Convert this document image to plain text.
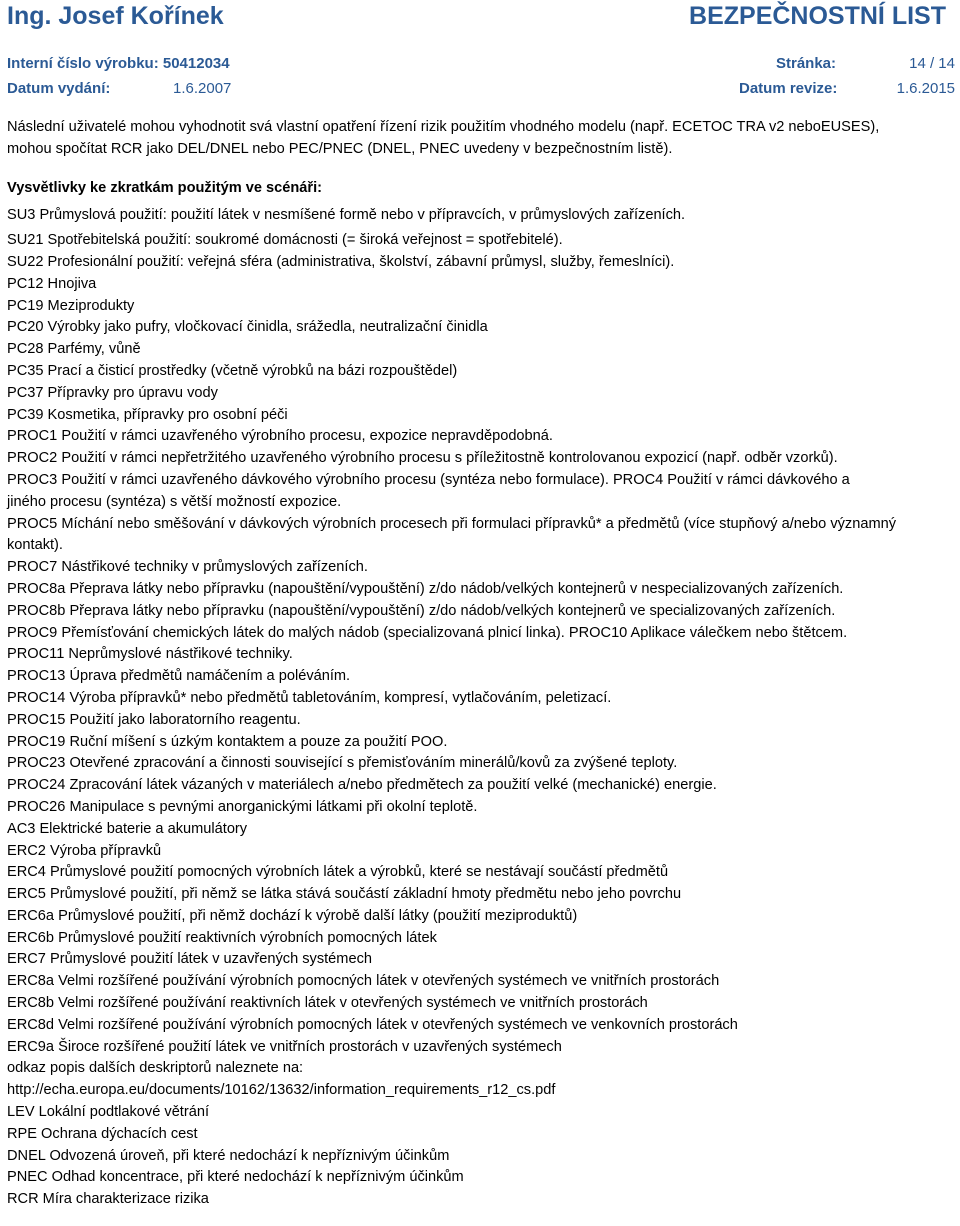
Ing. Josef Kořínek	BEZPEČNOSTNÍ LIST
Interní číslo výrobku: 50412034	Stránka:	14 / 14
Datum vydání:	1.6.2007	Datum revize:	1.6.2015

Následní uživatelé mohou vyhodnotit svá vlastní opatření řízení rizik použitím vhodného modelu (např. ECETOC TRA v2 neboEUSES),

mohou spočítat RCR jako DEL/DNEL nebo PEC/PNEC (DNEL, PNEC uvedeny v bezpečnostním listě).

Vysvětlivky ke zkratkám použitým ve scénáři:

SU3 Průmyslová použití: použití látek v nesmíšené formě nebo v přípravcích, v průmyslových zařízeních.

SU21 Spotřebitelská použití: soukromé domácnosti (= široká veřejnost = spotřebitelé).

SU22 Profesionální použití: veřejná sféra (administrativa, školství, zábavní průmysl, služby, řemeslníci).

PC12 Hnojiva

PC19 Meziprodukty

PC20 Výrobky jako pufry, vločkovací činidla, srážedla, neutralizační činidla

PC28 Parfémy, vůně

PC35 Prací a čisticí prostředky (včetně výrobků na bázi rozpouštědel)

PC37 Přípravky pro úpravu vody

PC39 Kosmetika, přípravky pro osobní péči

PROC1 Použití v rámci uzavřeného výrobního procesu, expozice nepravděpodobná.

PROC2 Použití v rámci nepřetržitého uzavřeného výrobního procesu s příležitostně kontrolovanou expozicí (např. odběr vzorků).

PROC3 Použití v rámci uzavřeného dávkového výrobního procesu (syntéza nebo formulace). PROC4 Použití v rámci dávkového a

jiného procesu (syntéza) s větší možností expozice.

PROC5 Míchání nebo směšování v dávkových výrobních procesech při formulaci přípravků* a předmětů (více stupňový a/nebo významný

kontakt).

PROC7 Nástřikové techniky v průmyslových zařízeních.

PROC8a Přeprava látky nebo přípravku (napouštění/vypouštění) z/do nádob/velkých kontejnerů v nespecializovaných zařízeních.

PROC8b Přeprava látky nebo přípravku (napouštění/vypouštění) z/do nádob/velkých kontejnerů ve specializovaných zařízeních.

PROC9 Přemísťování chemických látek do malých nádob (specializovaná plnicí linka). PROC10 Aplikace válečkem nebo štětcem.

PROC11 Neprůmyslové nástřikové techniky.

PROC13 Úprava předmětů namáčením a poléváním.

PROC14 Výroba přípravků* nebo předmětů tabletováním, kompresí, vytlačováním, peletizací.

PROC15 Použití jako laboratorního reagentu.

PROC19 Ruční míšení s úzkým kontaktem a pouze za použití POO.

PROC23 Otevřené zpracování a činnosti související s přemisťováním minerálů/kovů za zvýšené teploty.

PROC24 Zpracování látek vázaných v materiálech a/nebo předmětech za použití velké (mechanické) energie.

PROC26 Manipulace s pevnými anorganickými látkami při okolní teplotě.

AC3 Elektrické baterie a akumulátory

ERC2 Výroba přípravků

ERC4 Průmyslové použití pomocných výrobních látek a výrobků, které se nestávají součástí předmětů

ERC5 Průmyslové použití, při němž se látka stává součástí základní hmoty předmětu nebo jeho povrchu

ERC6a Průmyslové použití, při němž dochází k výrobě další látky (použití meziproduktů)

ERC6b Průmyslové použití reaktivních výrobních pomocných látek

ERC7 Průmyslové použití látek v uzavřených systémech

ERC8a Velmi rozšířené používání výrobních pomocných látek v otevřených systémech ve vnitřních prostorách

ERC8b Velmi rozšířené používání reaktivních látek v otevřených systémech ve vnitřních prostorách

ERC8d Velmi rozšířené používání výrobních pomocných látek v otevřených systémech ve venkovních prostorách

ERC9a Široce rozšířené použití látek ve vnitřních prostorách v uzavřených systémech

odkaz popis dalších deskriptorů naleznete na:

http://echa.europa.eu/documents/10162/13632/information_requirements_r12_cs.pdf

LEV Lokální podtlakové větrání

RPE Ochrana dýchacích cest

DNEL Odvozená úroveň, při které nedochází k nepříznivým účinkům

PNEC Odhad koncentrace, při které nedochází k nepříznivým účinkům

RCR Míra charakterizace rizika
